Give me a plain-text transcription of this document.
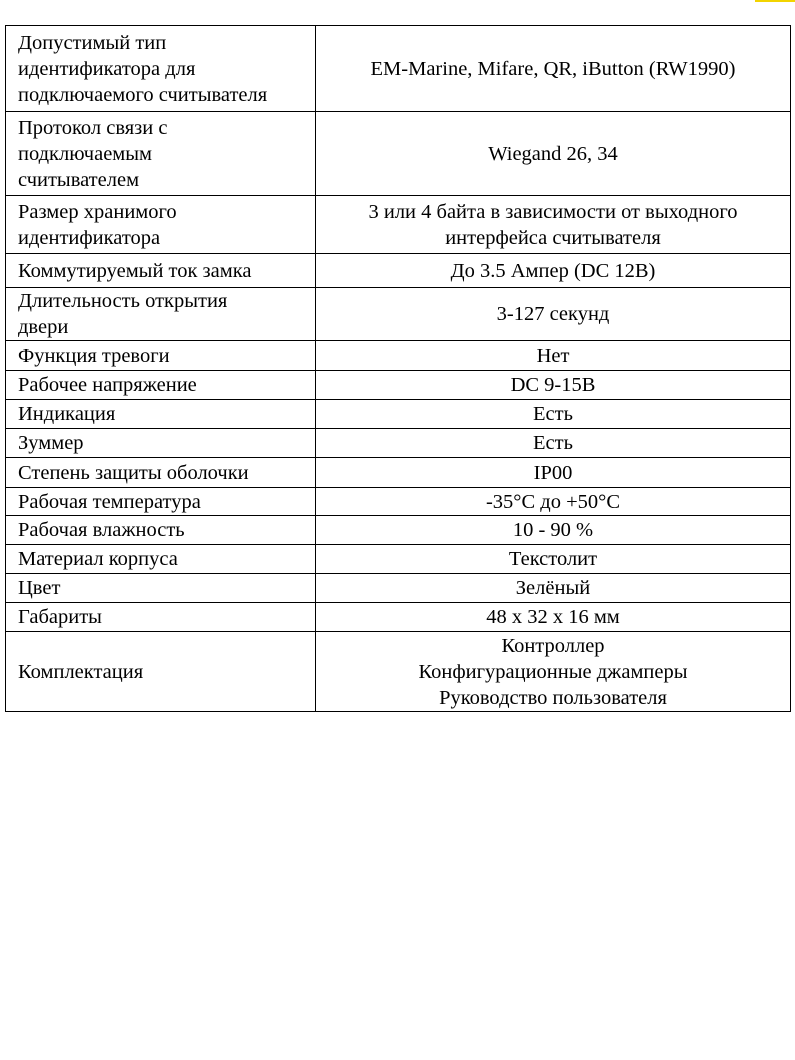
Допустимый тип
идентификатора для
подключаемого считывателя	EM-Marine, Mifare, QR, iButton (RW1990)

Протокол связи с
подключаемым
считывателем	Wiegand 26, 34

Размер хранимого
идентификатора	3 или 4 байта в зависимости от выходного
интерфейса считывателя

Коммутируемый ток замка	До 3.5 Ампер (DC 12В)

Длительность открытия
двери	3-127 секунд

Функция тревоги	Нет

Рабочее напряжение	DC 9-15В

Индикация	Есть

Зуммер	Есть

Степень защиты оболочки	IP00

Рабочая температура	-35°С до +50°С

Рабочая влажность	10 - 90 %

Материал корпуса	Текстолит

Цвет	Зелёный

Габариты	48 х 32 х 16 мм

Комплектация	Контроллер
Конфигурационные джамперы
Руководство пользователя
